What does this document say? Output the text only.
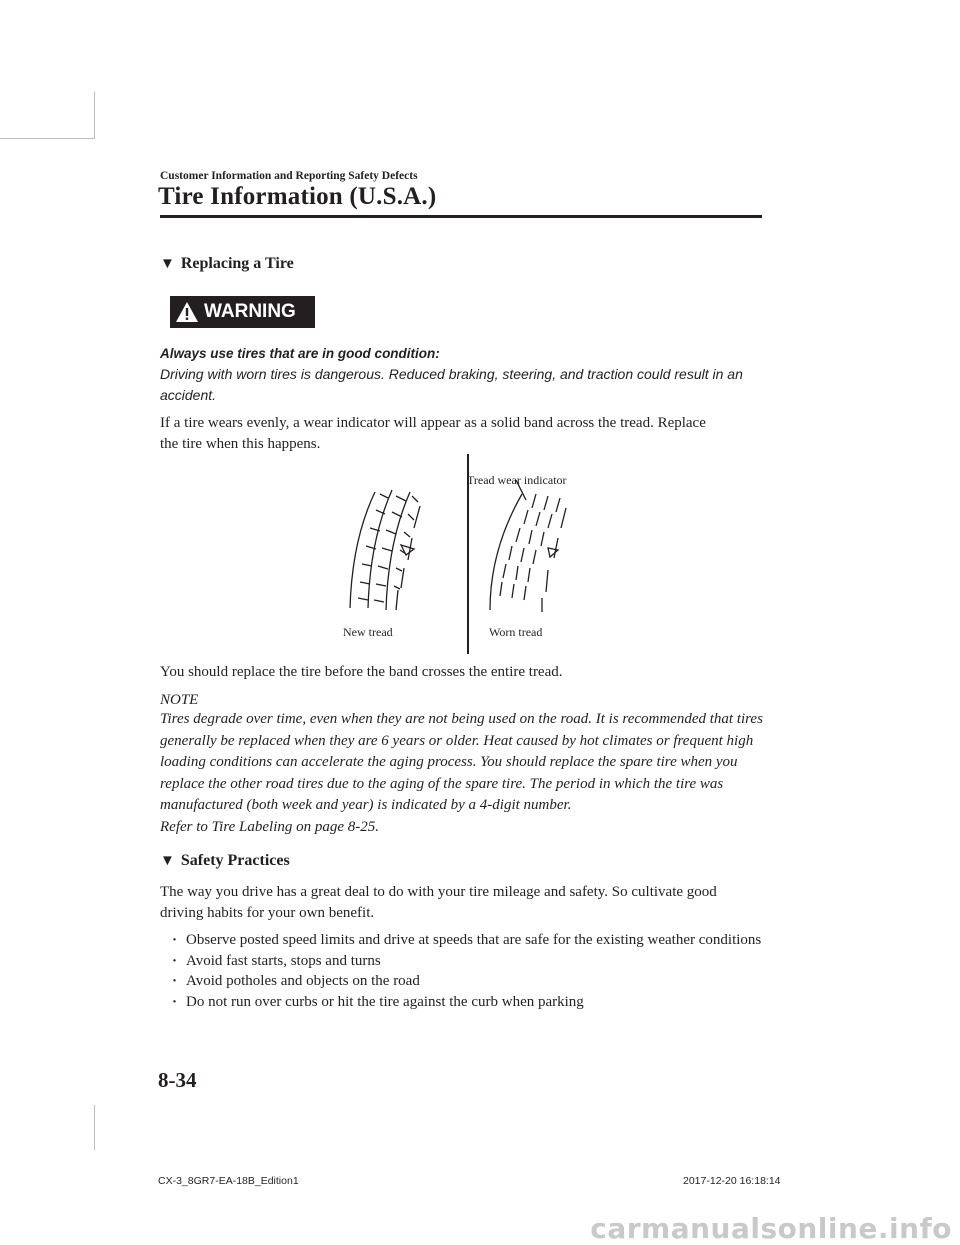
Customer Information and Reporting Safety Defects
Tire Information (U.S.A.)
▼ Replacing a Tire
WARNING
Always use tires that are in good condition:
Driving with worn tires is dangerous. Reduced braking, steering, and traction could result in an accident.
If a tire wears evenly, a wear indicator will appear as a solid band across the tread. Replace the tire when this happens.
Tread wear indicator
New tread	Worn tread
You should replace the tire before the band crosses the entire tread.
NOTE
Tires degrade over time, even when they are not being used on the road. It is recommended that tires generally be replaced when they are 6 years or older. Heat caused by hot climates or frequent high loading conditions can accelerate the aging process. You should replace the spare tire when you replace the other road tires due to the aging of the spare tire. The period in which the tire was manufactured (both week and year) is indicated by a 4-digit number.
Refer to Tire Labeling on page 8-25.
▼ Safety Practices
The way you drive has a great deal to do with your tire mileage and safety. So cultivate good driving habits for your own benefit.
· Observe posted speed limits and drive at speeds that are safe for the existing weather conditions
· Avoid fast starts, stops and turns
· Avoid potholes and objects on the road
· Do not run over curbs or hit the tire against the curb when parking
8-34
CX-3_8GR7-EA-18B_Edition1	2017-12-20 16:18:14
carmanualsonline.info
